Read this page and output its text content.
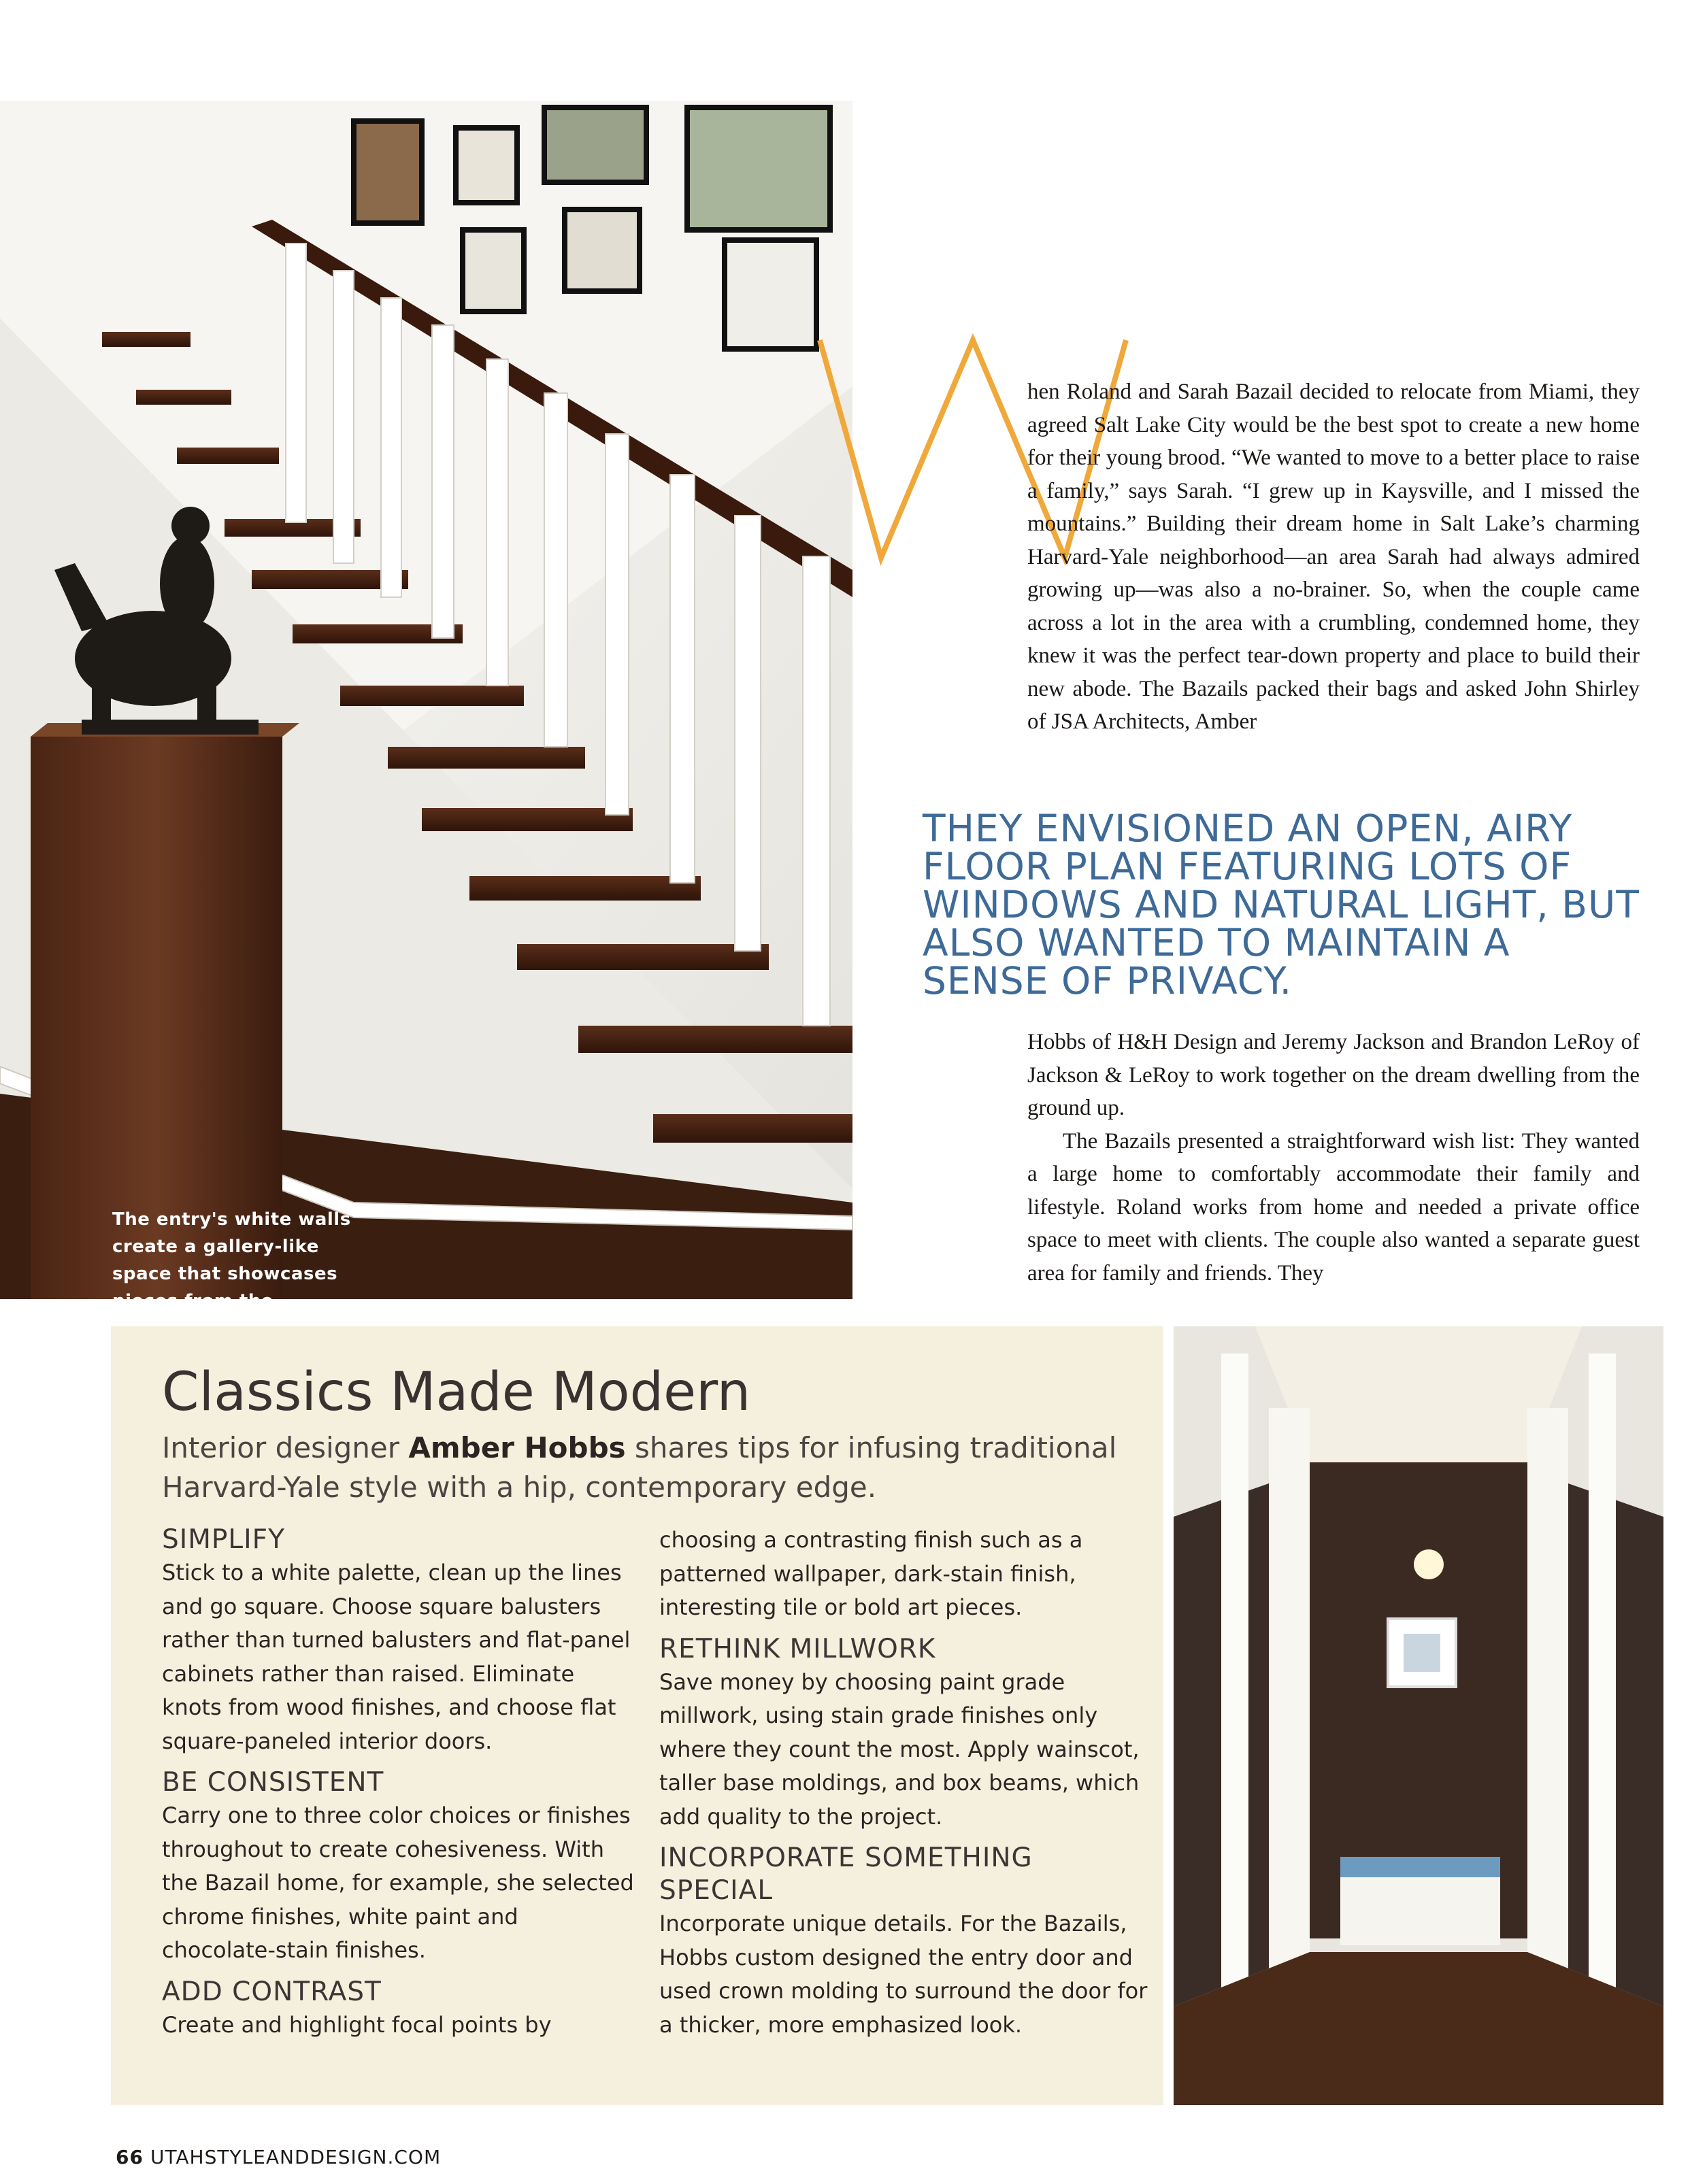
The entry's white walls create a gallery-like space that showcases pieces from the

hen Roland and Sarah Bazail decided to relocate from Miami, they agreed Salt Lake City would be the best spot to create a new home for their young brood. “We wanted to move to a better place to raise a family,” says Sarah. “I grew up in Kaysville, and I missed the mountains.” Building their dream home in Salt Lake’s charming Harvard-Yale neighborhood—an area Sarah had always admired growing up—was also a no-brainer. So, when the couple came across a lot in the area with a crumbling, condemned home, they knew it was the perfect tear-down property and place to build their new abode. The Bazails packed their bags and asked John Shirley of JSA Architects, Amber

THEY ENVISIONED AN OPEN, AIRY FLOOR PLAN FEATURING LOTS OF WINDOWS AND NATURAL LIGHT, BUT ALSO WANTED TO MAINTAIN A SENSE OF PRIVACY.

Hobbs of H&H Design and Jeremy Jackson and Brandon LeRoy of Jackson & LeRoy to work together on the dream dwelling from the ground up.

The Bazails presented a straightforward wish list: They wanted a large home to comfortably accommodate their family and lifestyle. Roland works from home and needed a private office space to meet with clients. The couple also wanted a separate guest area for family and friends. They

Classics Made Modern
Interior designer Amber Hobbs shares tips for infusing traditional Harvard-Yale style with a hip, contemporary edge.
SIMPLIFY

Stick to a white palette, clean up the lines and go square. Choose square balusters rather than turned balusters and flat-panel cabinets rather than raised. Eliminate knots from wood finishes, and choose flat square-paneled interior doors.

BE CONSISTENT

Carry one to three color choices or finishes throughout to create cohesiveness. With the Bazail home, for example, she selected chrome finishes, white paint and chocolate-stain finishes.

ADD CONTRAST

Create and highlight focal points by

choosing a contrasting finish such as a patterned wallpaper, dark-stain finish, interesting tile or bold art pieces.

RETHINK MILLWORK

Save money by choosing paint grade millwork, using stain grade finishes only where they count the most. Apply wainscot, taller base moldings, and box beams, which add quality to the project.

INCORPORATE SOMETHING SPECIAL

Incorporate unique details. For the Bazails, Hobbs custom designed the entry door and used crown molding to surround the door for a thicker, more emphasized look.

66 UTAHSTYLEANDDESIGN.COM
